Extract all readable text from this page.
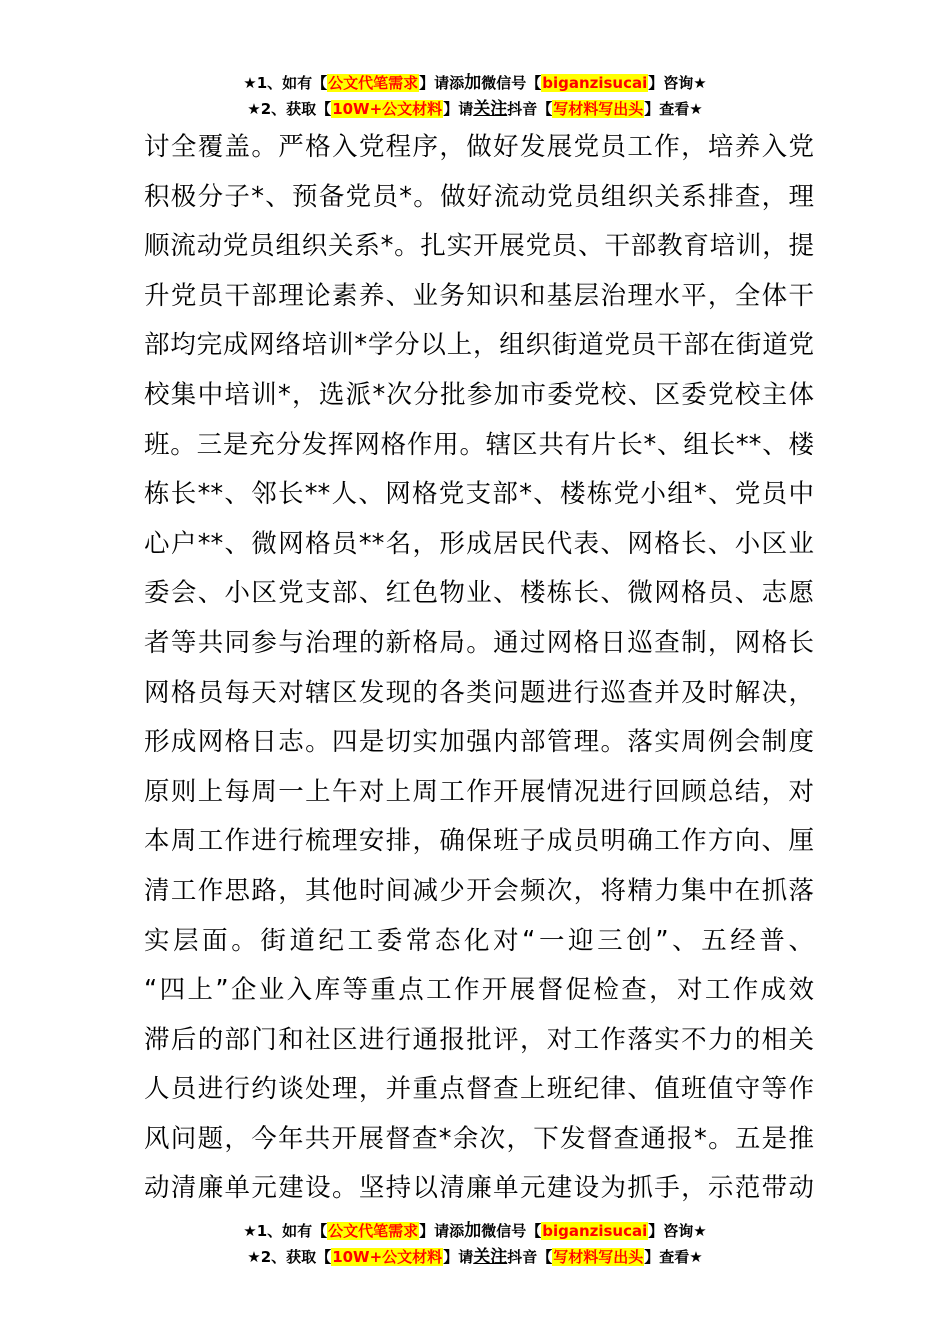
★1、如有【公文代笔需求】请添加微信号【biganzisucai】咨询★
★2、获取【10W+公文材料】请关注抖音【写材料写出头】查看★
讨全覆盖。严格入党程序，做好发展党员工作，培养入党
积极分子*、预备党员*。做好流动党员组织关系排查，理
顺流动党员组织关系*。扎实开展党员、干部教育培训，提
升党员干部理论素养、业务知识和基层治理水平，全体干
部均完成网络培训*学分以上，组织街道党员干部在街道党
校集中培训*，选派*次分批参加市委党校、区委党校主体
班。三是充分发挥网格作用。辖区共有片长*、组长**、楼
栋长**、邻长**人、网格党支部*、楼栋党小组*、党员中
心户**、微网格员**名，形成居民代表、网格长、小区业
委会、小区党支部、红色物业、楼栋长、微网格员、志愿
者等共同参与治理的新格局。通过网格日巡查制，网格长
网格员每天对辖区发现的各类问题进行巡查并及时解决，
形成网格日志。四是切实加强内部管理。落实周例会制度
原则上每周一上午对上周工作开展情况进行回顾总结，对
本周工作进行梳理安排，确保班子成员明确工作方向、厘
清工作思路，其他时间减少开会频次，将精力集中在抓落
实层面。街道纪工委常态化对“一迎三创”、五经普、
“四上”企业入库等重点工作开展督促检查，对工作成效
滞后的部门和社区进行通报批评，对工作落实不力的相关
人员进行约谈处理，并重点督查上班纪律、值班值守等作
风问题，今年共开展督查*余次，下发督查通报*。五是推
动清廉单元建设。坚持以清廉单元建设为抓手，示范带动
★1、如有【公文代笔需求】请添加微信号【biganzisucai】咨询★
★2、获取【10W+公文材料】请关注抖音【写材料写出头】查看★
